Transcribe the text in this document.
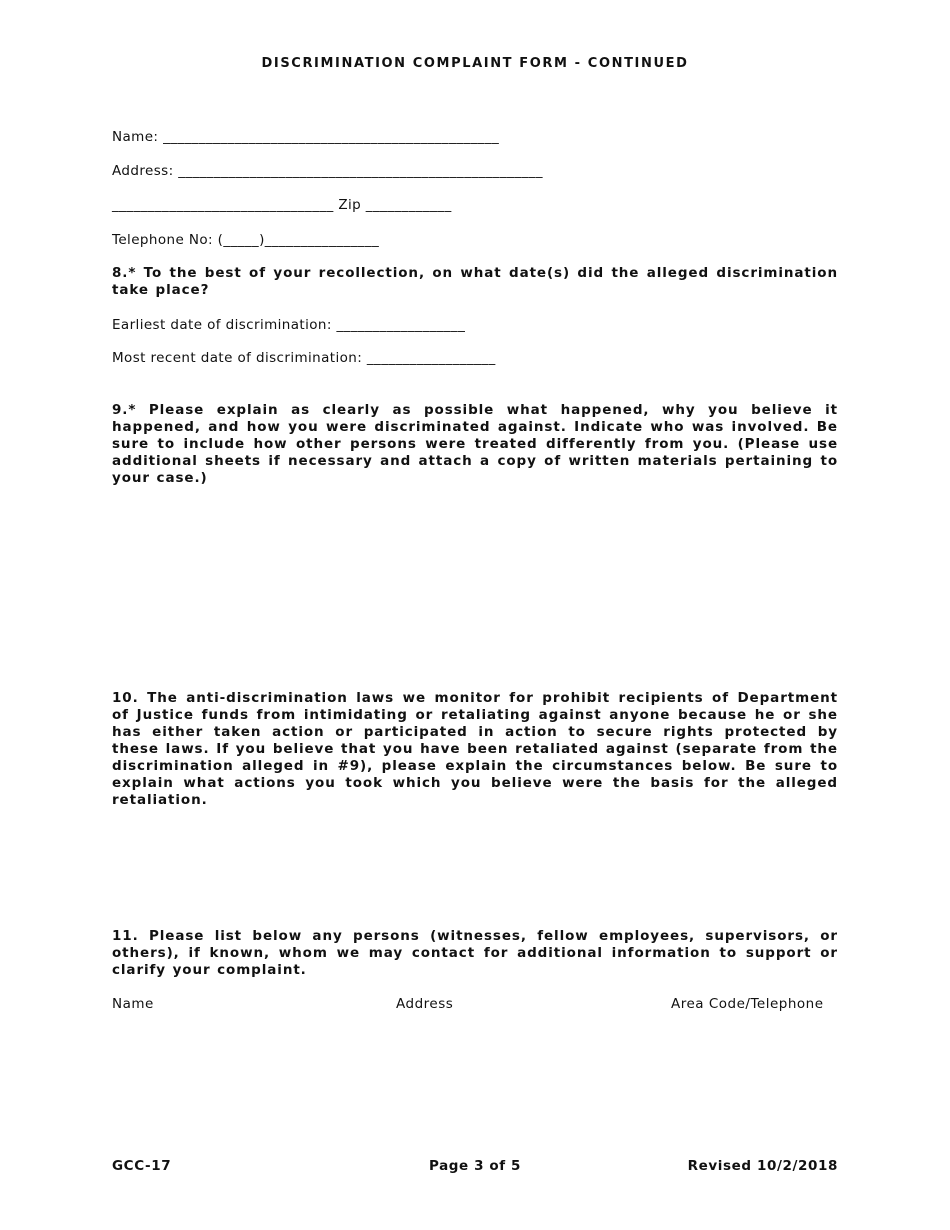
DISCRIMINATION COMPLAINT FORM - CONTINUED
Name: _______________________________________________
Address: ___________________________________________________
_______________________________ Zip ____________
Telephone No: (_____)________________

8.* To the best of your recollection, on what date(s) did the alleged discrimination take place?

Earliest date of discrimination: __________________
Most recent date of discrimination: __________________

9.* Please explain as clearly as possible what happened, why you believe it happened, and how you were discriminated against. Indicate who was involved. Be sure to include how other persons were treated differently from you. (Please use additional sheets if necessary and attach a copy of written materials pertaining to your case.)

10. The anti-discrimination laws we monitor for prohibit recipients of Department of Justice funds from intimidating or retaliating against anyone because he or she has either taken action or participated in action to secure rights protected by these laws. If you believe that you have been retaliated against (separate from the discrimination alleged in #9), please explain the circumstances below. Be sure to explain what actions you took which you believe were the basis for the alleged retaliation.

11. Please list below any persons (witnesses, fellow employees, supervisors, or others), if known, whom we may contact for additional information to support or clarify your complaint.

Name	Address	Area Code/Telephone
GCC-17	Page 3 of 5	Revised 10/2/2018
